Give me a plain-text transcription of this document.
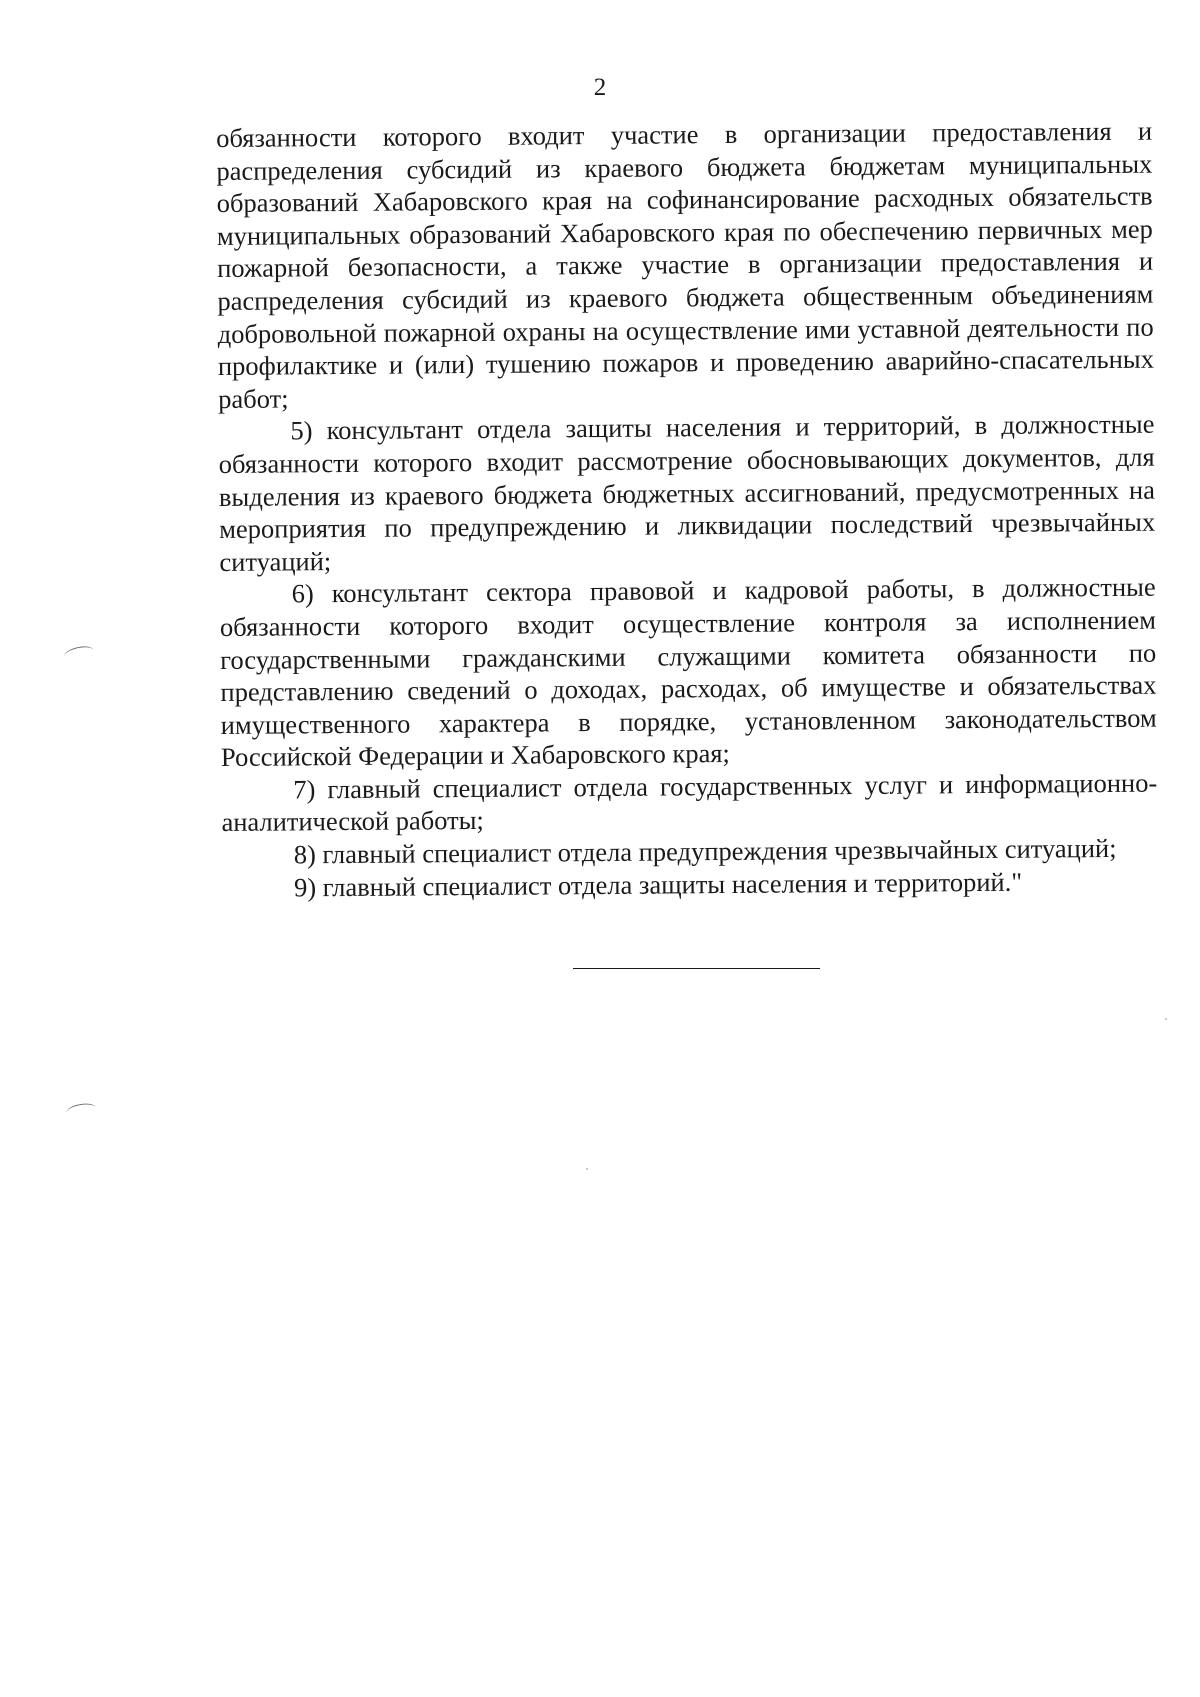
2

обязанности которого входит участие в организации предоставления и распределения субсидий из краевого бюджета бюджетам муниципальных образований Хабаровского края на софинансирование расходных обязательств муниципальных образований Хабаровского края по обеспечению первичных мер пожарной безопасности, а также участие в организации предоставления и распределения субсидий из краевого бюджета общественным объединениям добровольной пожарной охраны на осуществление ими уставной деятельности по профилактике и (или) тушению пожаров и проведению аварийно-спасательных работ;

5) консультант отдела защиты населения и территорий, в должностные обязанности которого входит рассмотрение обосновывающих документов, для выделения из краевого бюджета бюджетных ассигнований, предусмотренных на мероприятия по предупреждению и ликвидации последствий чрезвычайных ситуаций;

6) консультант сектора правовой и кадровой работы, в должностные обязанности которого входит осуществление контроля за исполнением государственными гражданскими служащими комитета обязанности по представлению сведений о доходах, расходах, об имуществе и обязательствах имущественного характера в порядке, установленном законодательством Российской Федерации и Хабаровского края;

7) главный специалист отдела государственных услуг и информационно-аналитической работы;

8) главный специалист отдела предупреждения чрезвычайных ситуаций;

9) главный специалист отдела защиты населения и территорий."
